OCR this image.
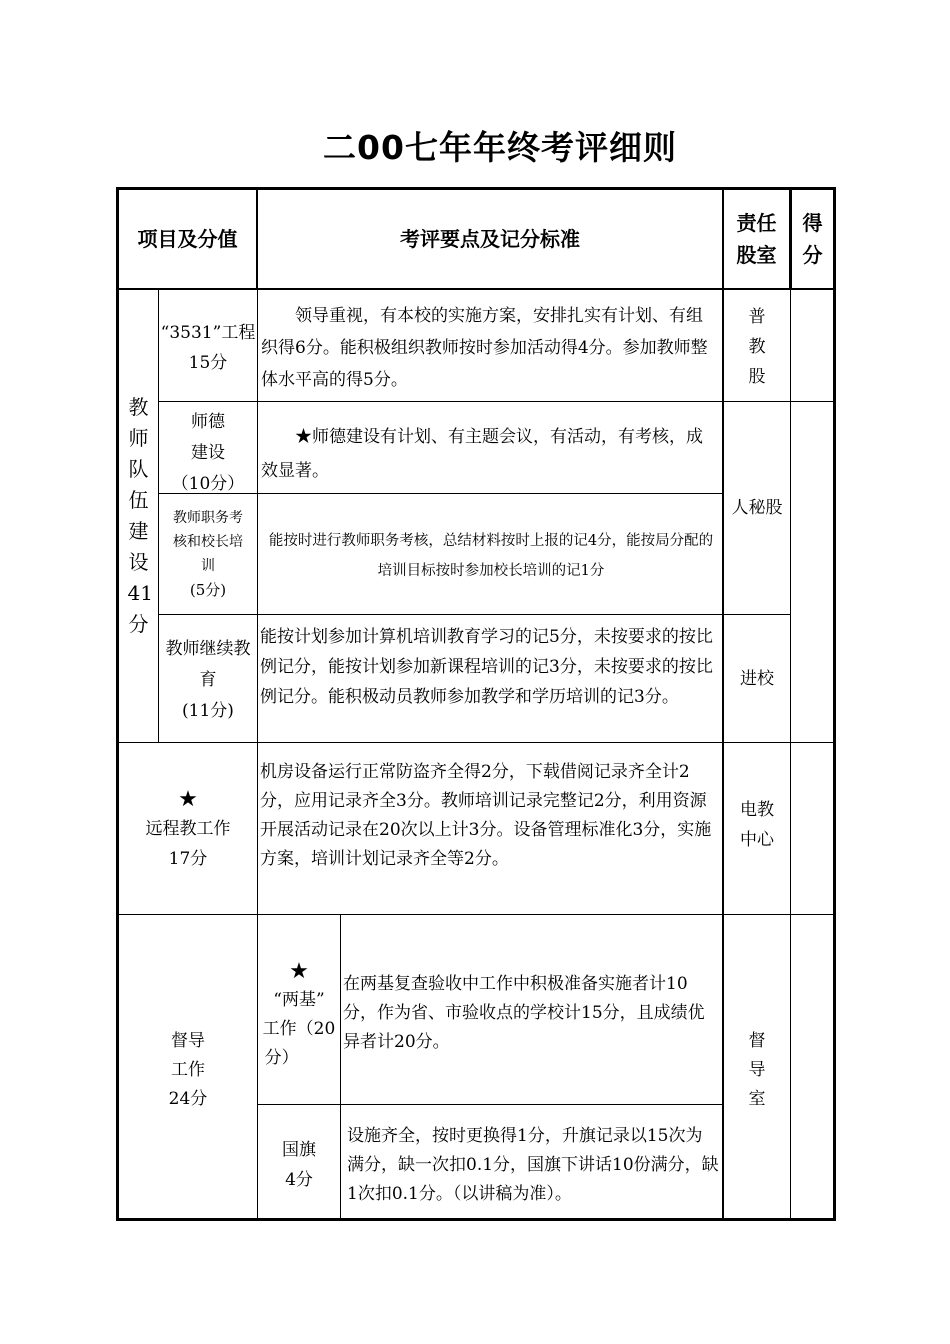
二00七年年终考评细则
项目及分值	考评要点及记分标准
责任
股室
得
分
教
师
队
伍
建
设
41
分
“3531”工程
15分
领导重视，有本校的实施方案，安排扎实有计划、有组织得6分。能积极组织教师按时参加活动得4分。参加教师整体水平高的得5分。
普
教
股
师德
建设
（10分）
★师德建设有计划、有主题会议，有活动，有考核，成效显著。
人秘股
教师职务考
核和校长培
训
(5分)
能按时进行教师职务考核，总结材料按时上报的记4分，能按局分配的培训目标按时参加校长培训的记1分
教师继续教
育
(11分)
能按计划参加计算机培训教育学习的记5分，未按要求的按比例记分，能按计划参加新课程培训的记3分，未按要求的按比例记分。能积极动员教师参加教学和学历培训的记3分。
进校
★
远程教工作
17分
机房设备运行正常防盗齐全得2分，下载借阅记录齐全计2分，应用记录齐全3分。教师培训记录完整记2分，利用资源开展活动记录在20次以上计3分。设备管理标准化3分，实施方案，培训计划记录齐全等2分。
电教
中心
督导
工作
24分
★
“两基”
工作（20
分）
在两基复查验收中工作中积极准备实施者计10分，作为省、市验收点的学校计15分，且成绩优异者计20分。
国旗
4分
设施齐全，按时更换得1分，升旗记录以15次为满分，缺一次扣0.1分，国旗下讲话10份满分，缺1次扣0.1分。（以讲稿为准）。
督
导
室
